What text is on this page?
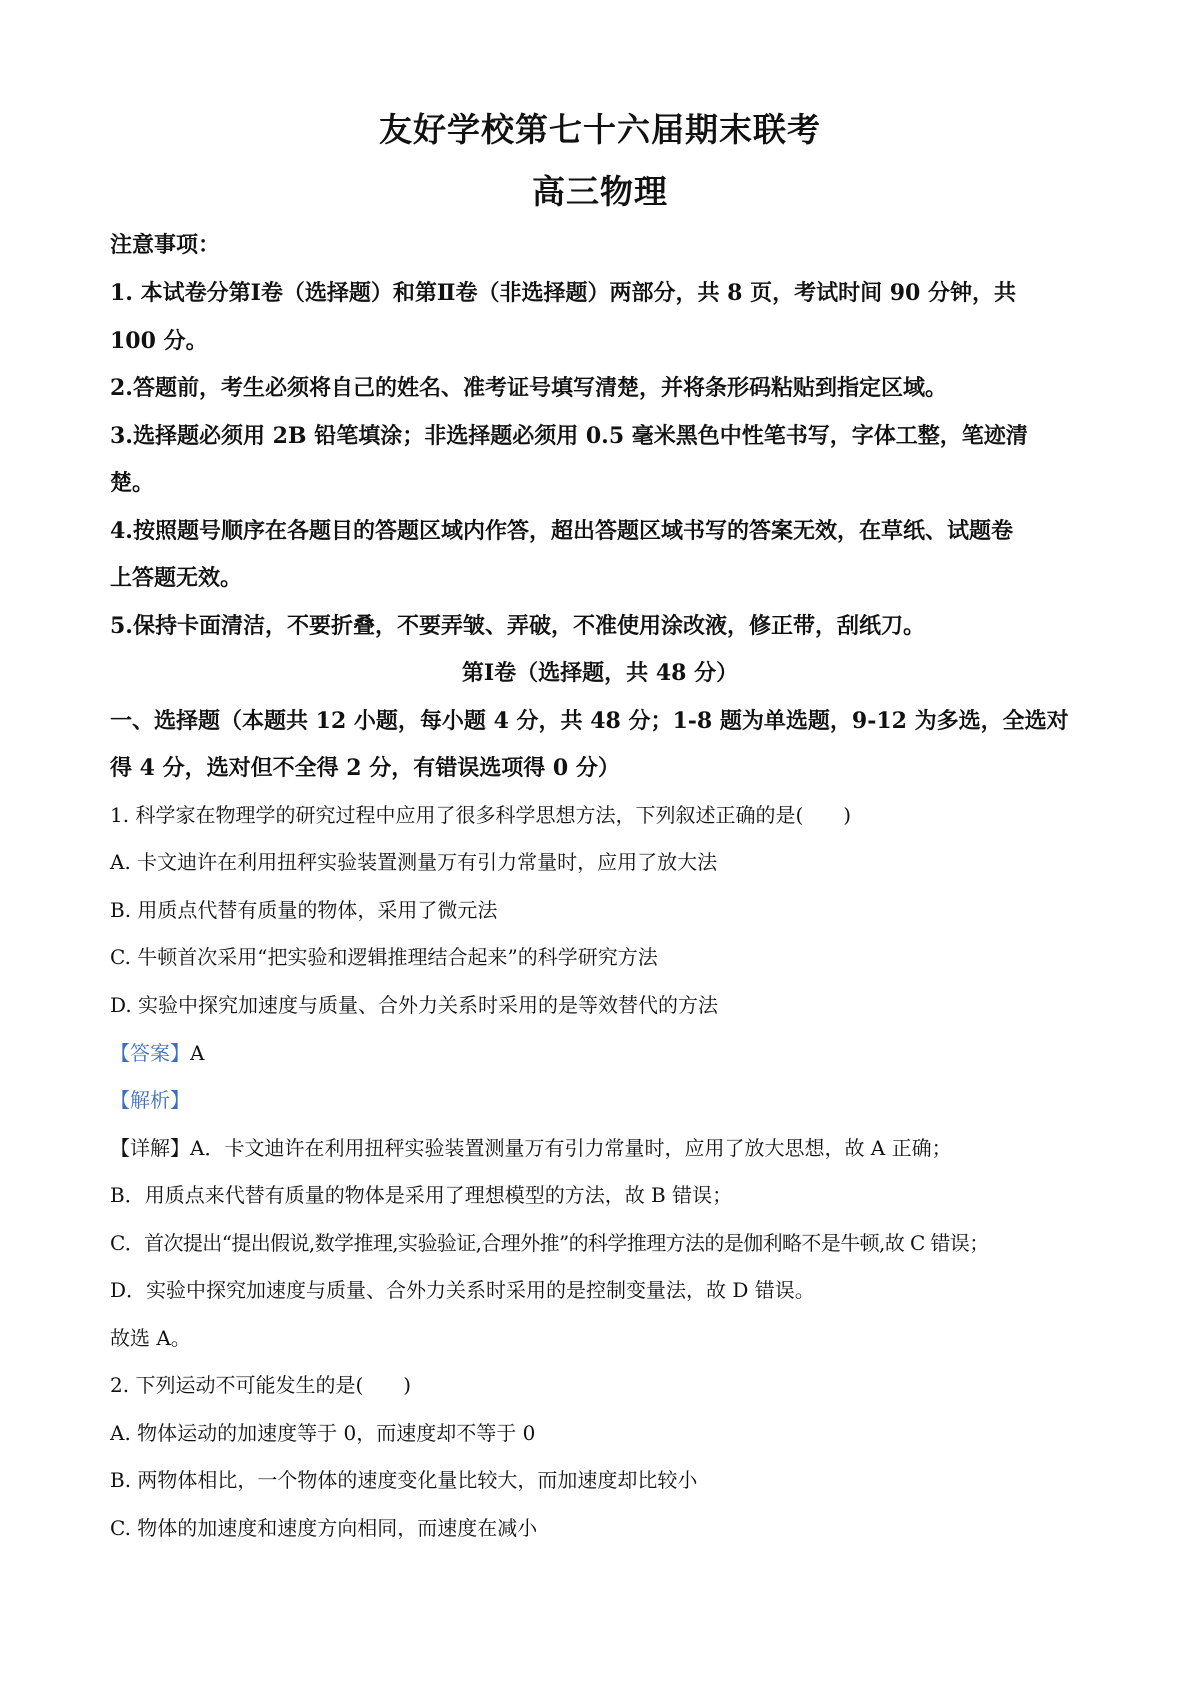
友好学校第七十六届期末联考
高三物理
注意事项：
1. 本试卷分第Ⅰ卷（选择题）和第Ⅱ卷（非选择题）两部分，共 8 页，考试时间 90 分钟，共
100 分。
2.答题前，考生必须将自己的姓名、准考证号填写清楚，并将条形码粘贴到指定区域。
3.选择题必须用 2B 铅笔填涂；非选择题必须用 0.5 毫米黑色中性笔书写，字体工整，笔迹清
楚。
4.按照题号顺序在各题目的答题区域内作答，超出答题区域书写的答案无效，在草纸、试题卷
上答题无效。
5.保持卡面清洁，不要折叠，不要弄皱、弄破，不准使用涂改液，修正带，刮纸刀。
第Ⅰ卷（选择题，共 48 分）
一、选择题（本题共 12 小题，每小题 4 分，共 48 分；1-8 题为单选题，9-12 为多选，全选对
得 4 分，选对但不全得 2 分，有错误选项得 0 分）
1. 科学家在物理学的研究过程中应用了很多科学思想方法，下列叙述正确的是(　　)
A. 卡文迪许在利用扭秤实验装置测量万有引力常量时，应用了放大法
B. 用质点代替有质量的物体，采用了微元法
C. 牛顿首次采用“把实验和逻辑推理结合起来”的科学研究方法
D. 实验中探究加速度与质量、合外力关系时采用的是等效替代的方法
【答案】A
【解析】
【详解】A．卡文迪许在利用扭秤实验装置测量万有引力常量时，应用了放大思想，故 A 正确；
B．用质点来代替有质量的物体是采用了理想模型的方法，故 B 错误；
C．首次提出“提出假说,数学推理,实验验证,合理外推”的科学推理方法的是伽利略不是牛顿,故 C 错误；
D．实验中探究加速度与质量、合外力关系时采用的是控制变量法，故 D 错误。
故选 A。
2. 下列运动不可能发生的是(　　)
A. 物体运动的加速度等于 0，而速度却不等于 0
B. 两物体相比，一个物体的速度变化量比较大，而加速度却比较小
C. 物体的加速度和速度方向相同，而速度在减小
